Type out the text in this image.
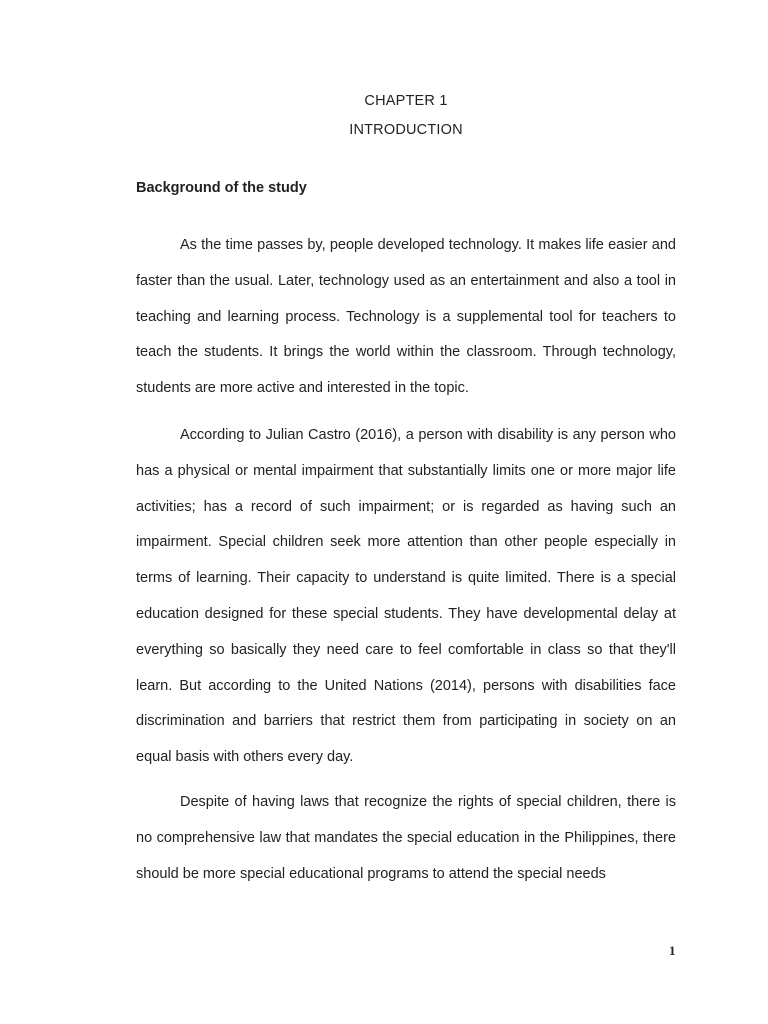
CHAPTER 1
INTRODUCTION
Background of the study

As the time passes by, people developed technology. It makes life easier and faster than the usual. Later, technology used as an entertainment and also a tool in teaching and learning process. Technology is a supplemental tool for teachers to teach the students. It brings the world within the classroom. Through technology, students are more active and interested in the topic.

According to Julian Castro (2016), a person with disability is any person who has a physical or mental impairment that substantially limits one or more major life activities; has a record of such impairment; or is regarded as having such an impairment. Special children seek more attention than other people especially in terms of learning. Their capacity to understand is quite limited. There is a special education designed for these special students. They have developmental delay at everything so basically they need care to feel comfortable in class so that they'll learn. But according to the United Nations (2014), persons with disabilities face discrimination and barriers that restrict them from participating in society on an equal basis with others every day.

Despite of having laws that recognize the rights of special children, there is no comprehensive law that mandates the special education in the Philippines, there should be more special educational programs to attend the special needs

1
